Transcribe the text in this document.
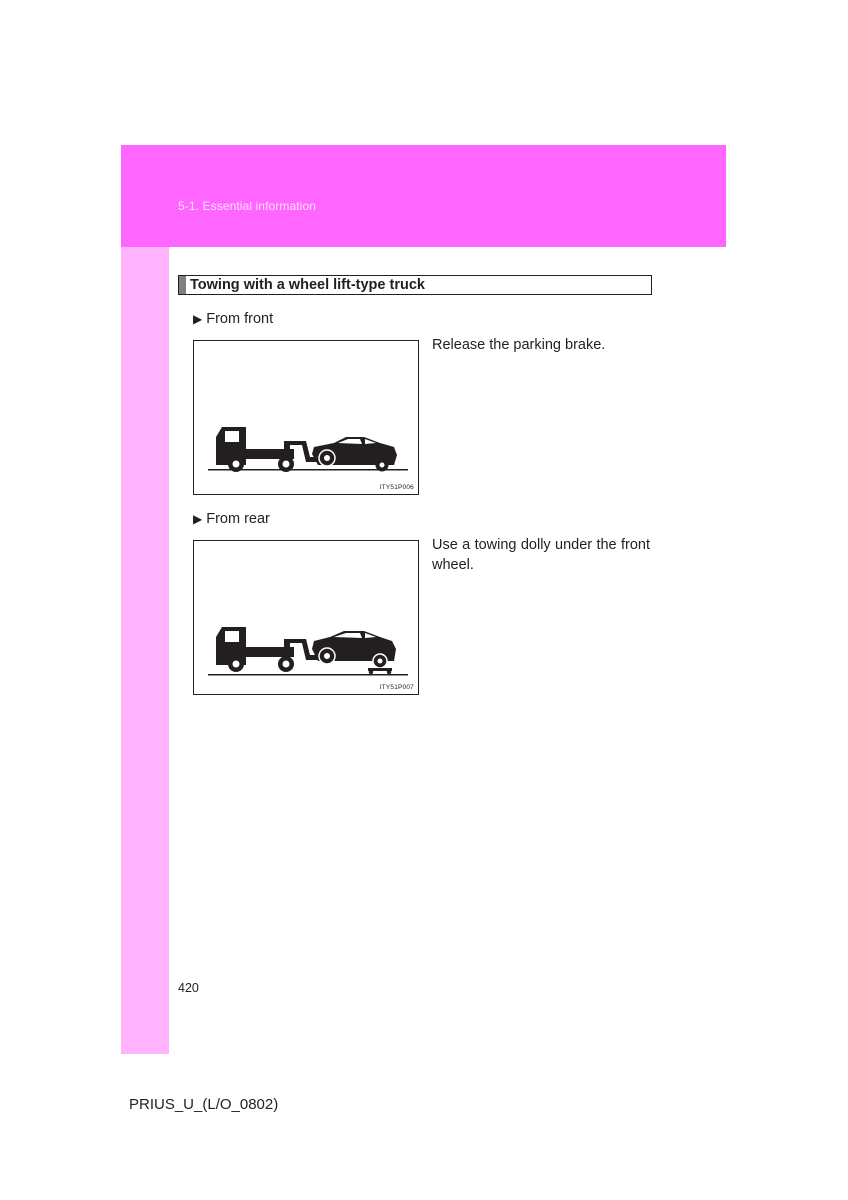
5-1. Essential information
Towing with a wheel lift-type truck
▶ From front
ITY51P006
Release the parking brake.
▶ From rear
ITY51P007
Use a towing dolly under the front wheel.
420
PRIUS_U_(L/O_0802)
